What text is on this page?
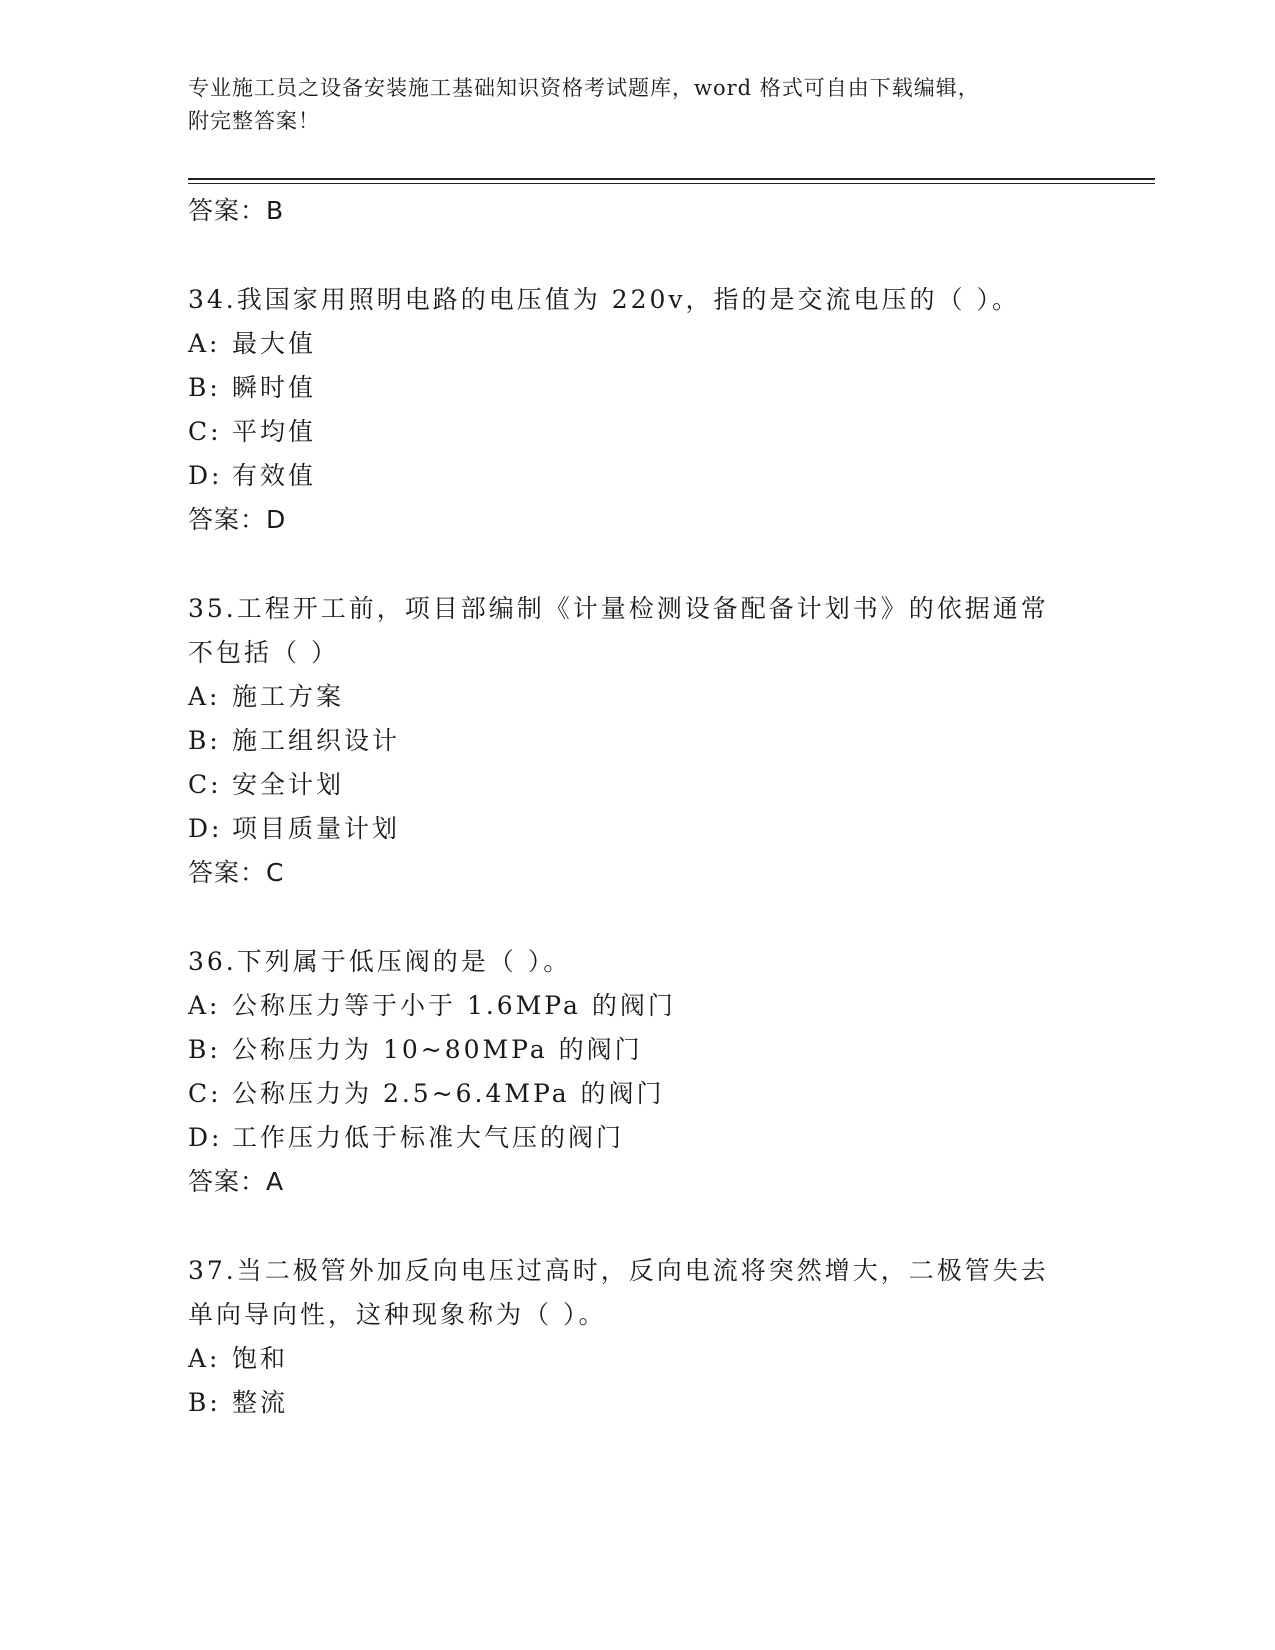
专业施工员之设备安装施工基础知识资格考试题库，word 格式可自由下载编辑，
附完整答案！
答案：B
34.我国家用照明电路的电压值为 220v，指的是交流电压的（ ）。
A: 最大值
B: 瞬时值
C: 平均值
D: 有效值
答案：D
35.工程开工前，项目部编制《计量检测设备配备计划书》的依据通常
不包括（ ）
A: 施工方案
B: 施工组织设计
C: 安全计划
D: 项目质量计划
答案：C
36.下列属于低压阀的是（ ）。
A: 公称压力等于小于 1.6MPa 的阀门
B: 公称压力为 10~80MPa 的阀门
C: 公称压力为 2.5~6.4MPa 的阀门
D: 工作压力低于标准大气压的阀门
答案：A
37.当二极管外加反向电压过高时，反向电流将突然增大，二极管失去
单向导向性，这种现象称为（ ）。
A: 饱和
B: 整流
